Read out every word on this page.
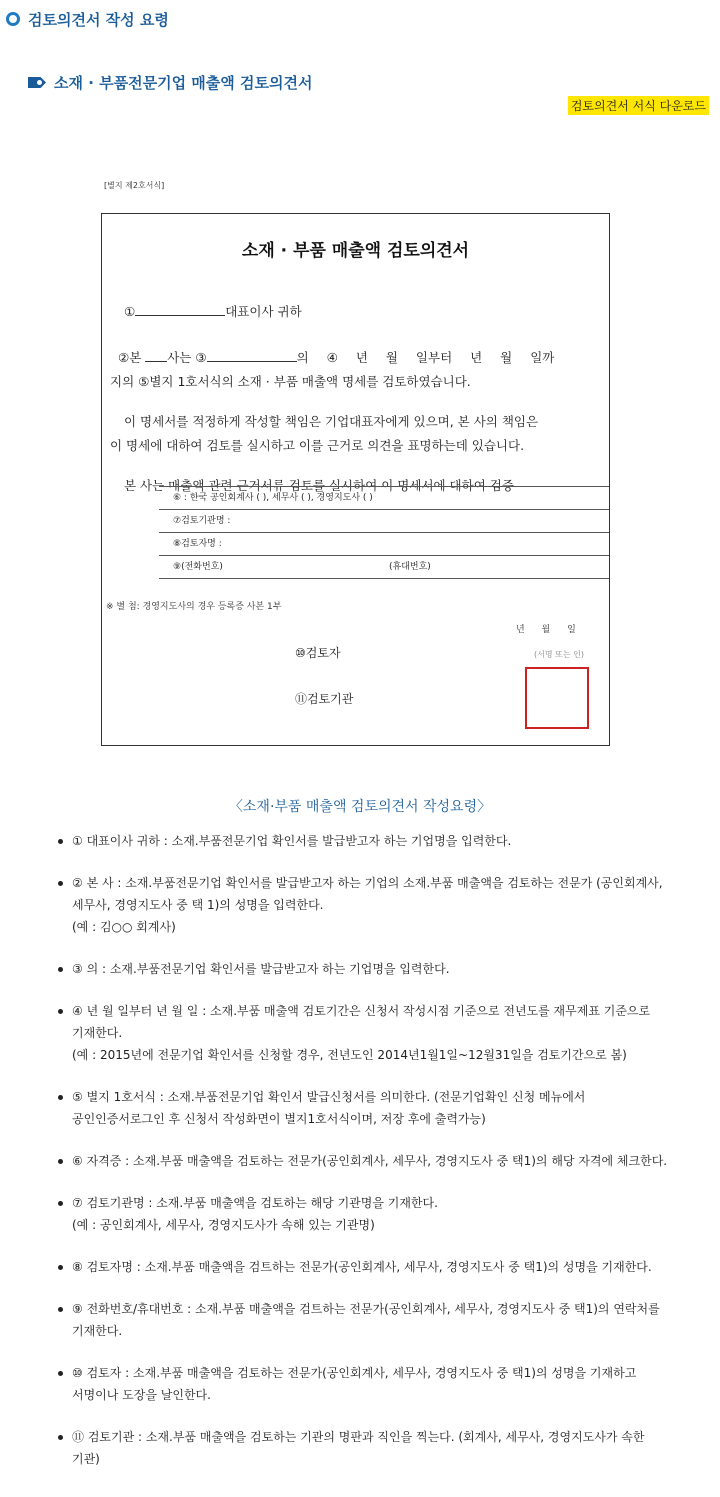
검토의견서 작성 요령
소재 · 부품전문기업 매출액 검토의견서
검토의견서 서식 다운로드
[별지 제2호서식]
소재 · 부품 매출액 검토의견서
①	대표이사 귀하
②본 사는 ③	의 ④ 년 월 일부터 년 월 일까
지의 ⑤별지 1호서식의 소재 · 부품 매출액 명세를 검토하였습니다.
이 명세서를 적정하게 작성할 책임은 기업대표자에게 있으며, 본 사의 책임은
이 명세에 대하여 검토를 실시하고 이를 근거로 의견을 표명하는데 있습니다.
본 사는 매출액 관련 근거서류 검토를 실시하여 이 명세서에 대하여 검증
⑥ : 한국 공인회계사 ( ), 세무사 ( ), 경영지도사 ( )
⑦검토기관명 :
⑧검토자명 :
⑨(전화번호)	(휴대번호)
※ 별 첨: 경영지도사의 경우 등록증 사본 1부
년 월 일
⑩검토자	(서명 또는 인)
⑪검토기관
〈소재·부품 매출액 검토의견서 작성요령〉
① 대표이사 귀하 : 소재.부품전문기업 확인서를 발급받고자 하는 기업명을 입력한다.
② 본 사 : 소재.부품전문기업 확인서를 발급받고자 하는 기업의 소재.부품 매출액을 검토하는 전문가 (공인회계사,
세무사, 경영지도사 중 택 1)의 성명을 입력한다.
(예 : 김○○ 회계사)
③ 의 : 소재.부품전문기업 확인서를 발급받고자 하는 기업명을 입력한다.
④ 년 월 일부터 년 월 일 : 소재.부품 매출액 검토기간은 신청서 작성시점 기준으로 전년도를 재무제표 기준으로
기재한다.
(예 : 2015년에 전문기업 확인서를 신청할 경우, 전년도인 2014년1월1일~12월31일을 검토기간으로 봄)
⑤ 별지 1호서식 : 소재.부품전문기업 확인서 발급신청서를 의미한다. (전문기업확인 신청 메뉴에서
공인인증서로그인 후 신청서 작성화면이 별지1호서식이며, 저장 후에 출력가능)
⑥ 자격증 : 소재.부품 매출액을 검토하는 전문가(공인회계사, 세무사, 경영지도사 중 택1)의 해당 자격에 체크한다.
⑦ 검토기관명 : 소재.부품 매출액을 검토하는 해당 기관명을 기재한다.
(예 : 공인회계사, 세무사, 경영지도사가 속해 있는 기관명)
⑧ 검토자명 : 소재.부품 매출액을 검트하는 전문가(공인회계사, 세무사, 경영지도사 중 택1)의 성명을 기재한다.
⑨ 전화번호/휴대번호 : 소재.부품 매출액을 검트하는 전문가(공인회계사, 세무사, 경영지도사 중 택1)의 연락처를
기재한다.
⑩ 검토자 : 소재.부품 매출액을 검토하는 전문가(공인회계사, 세무사, 경영지도사 중 택1)의 성명을 기재하고
서명이나 도장을 날인한다.
⑪ 검토기관 : 소재.부품 매출액을 검토하는 기관의 명판과 직인을 찍는다. (회계사, 세무사, 경영지도사가 속한
기관)
